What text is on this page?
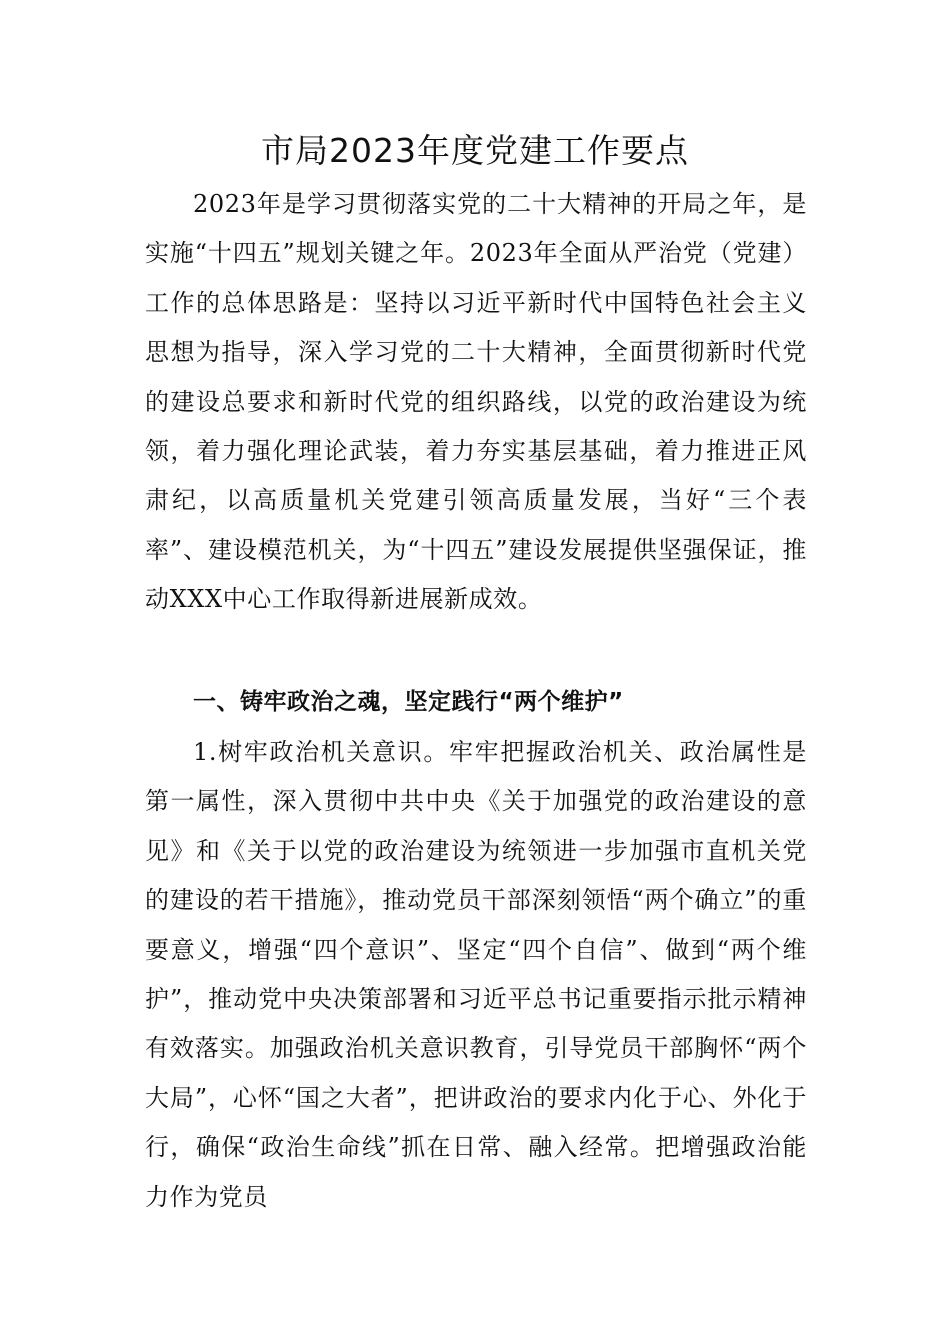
市局2023年度党建工作要点

2023年是学习贯彻落实党的二十大精神的开局之年，是实施“十四五”规划关键之年。2023年全面从严治党（党建）工作的总体思路是：坚持以习近平新时代中国特色社会主义思想为指导，深入学习党的二十大精神，全面贯彻新时代党的建设总要求和新时代党的组织路线，以党的政治建设为统领，着力强化理论武装，着力夯实基层基础，着力推进正风肃纪，以高质量机关党建引领高质量发展，当好“三个表率”、建设模范机关，为“十四五”建设发展提供坚强保证，推动XXX中心工作取得新进展新成效。

一、铸牢政治之魂，坚定践行“两个维护”

1.树牢政治机关意识。牢牢把握政治机关、政治属性是第一属性，深入贯彻中共中央《关于加强党的政治建设的意见》和《关于以党的政治建设为统领进一步加强市直机关党的建设的若干措施》，推动党员干部深刻领悟“两个确立”的重要意义，增强“四个意识”、坚定“四个自信”、做到“两个维护”，推动党中央决策部署和习近平总书记重要指示批示精神有效落实。加强政治机关意识教育，引导党员干部胸怀“两个大局”，心怀“国之大者”，把讲政治的要求内化于心、外化于行，确保“政治生命线”抓在日常、融入经常。把增强政治能力作为党员
